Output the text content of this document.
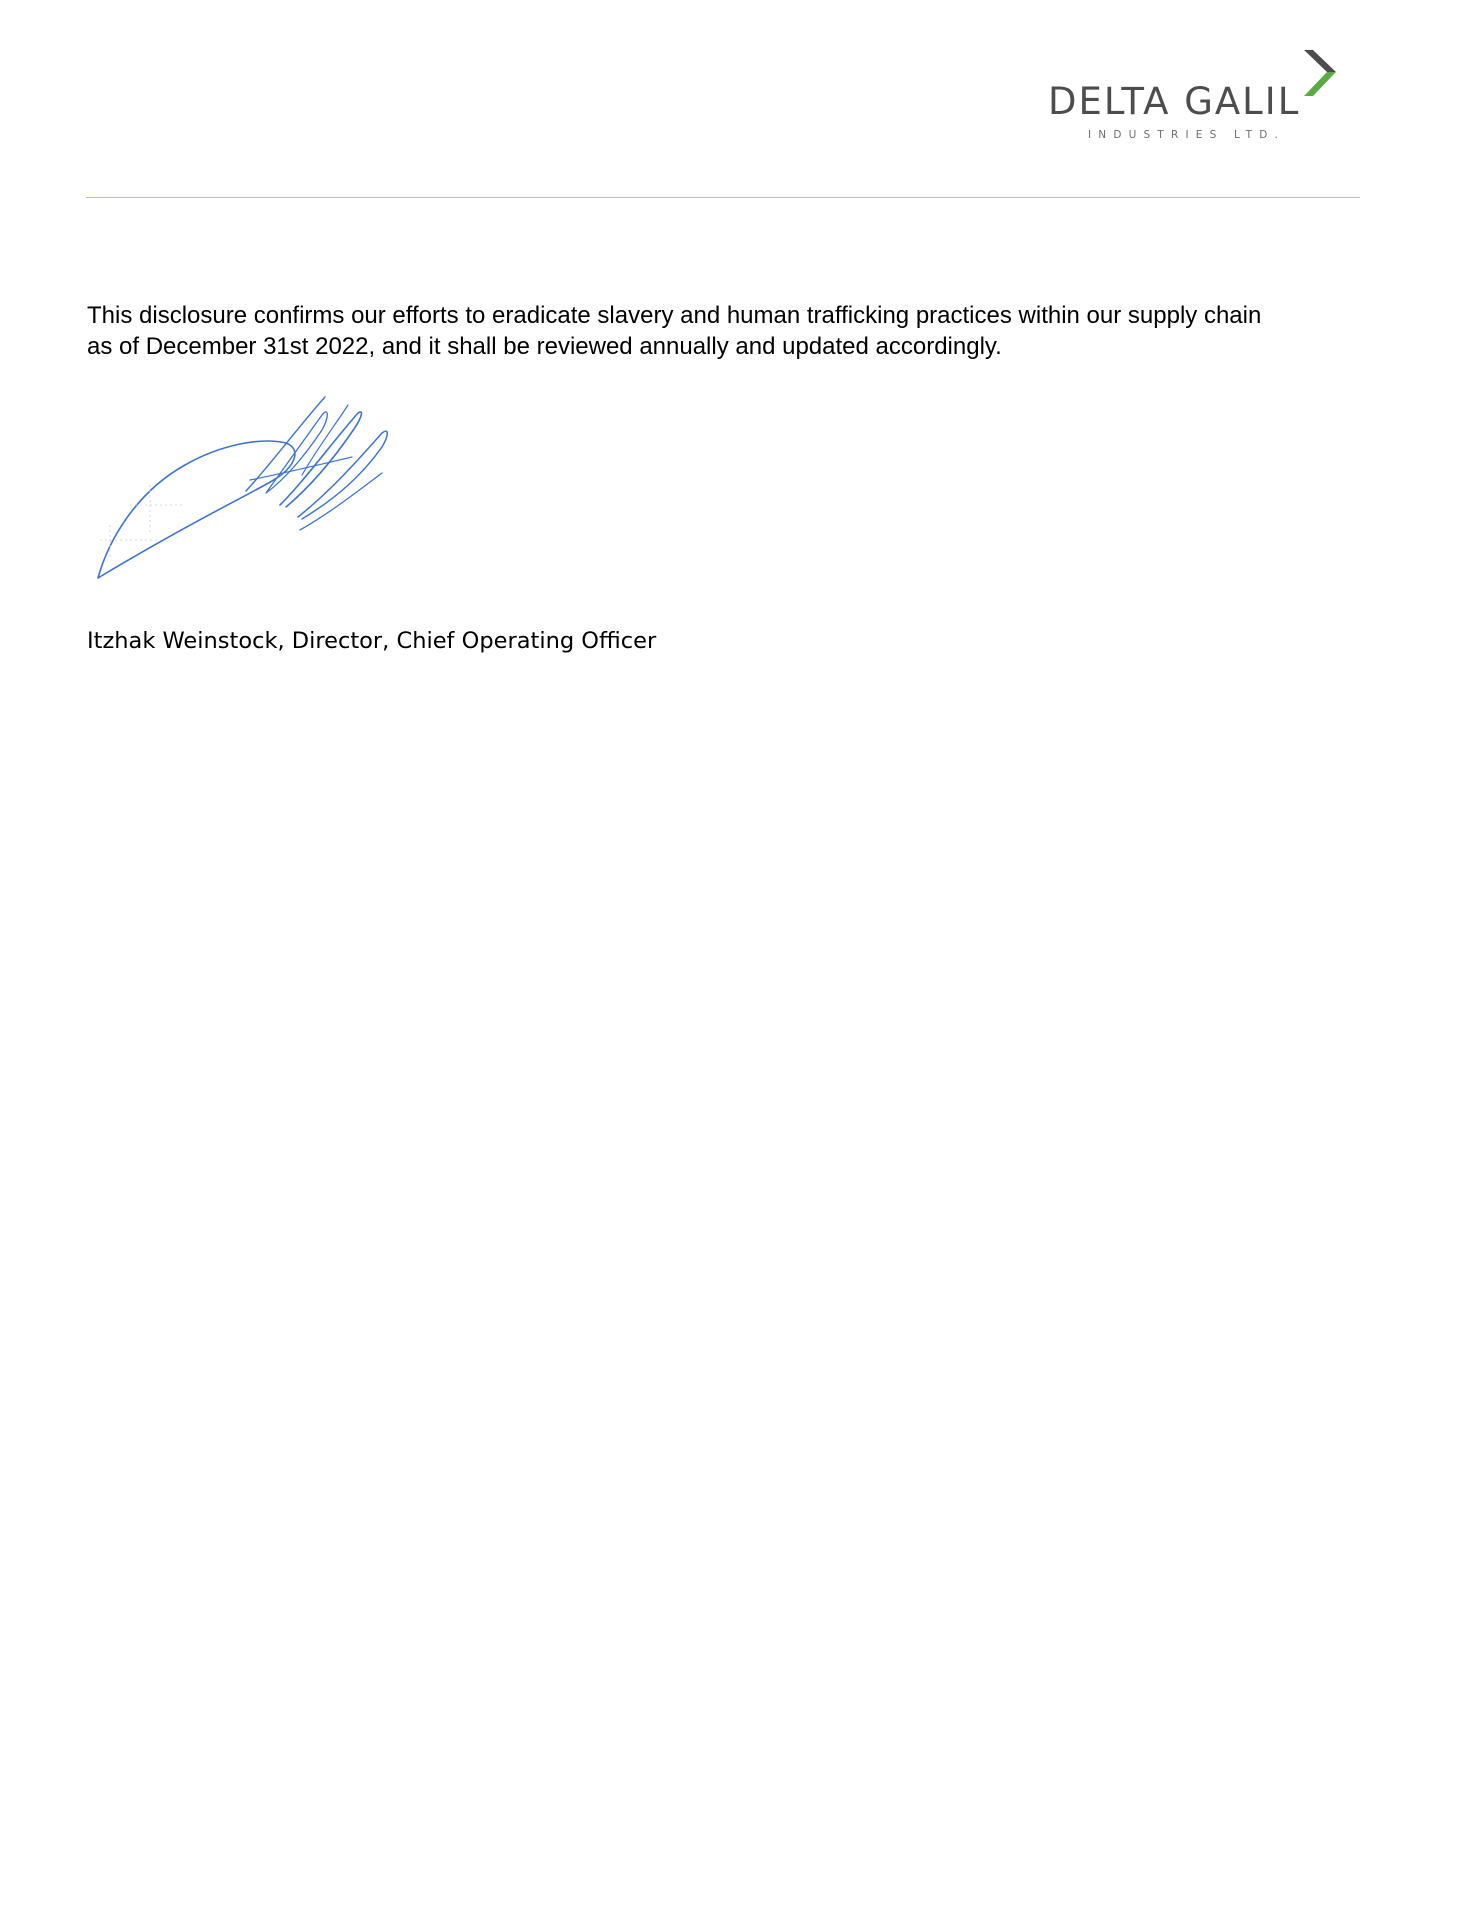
DELTA GALIL
INDUSTRIES LTD.
This disclosure confirms our efforts to eradicate slavery and human trafficking practices within our supply chain
as of December 31st 2022, and it shall be reviewed annually and updated accordingly.
Itzhak Weinstock, Director, Chief Operating Officer
